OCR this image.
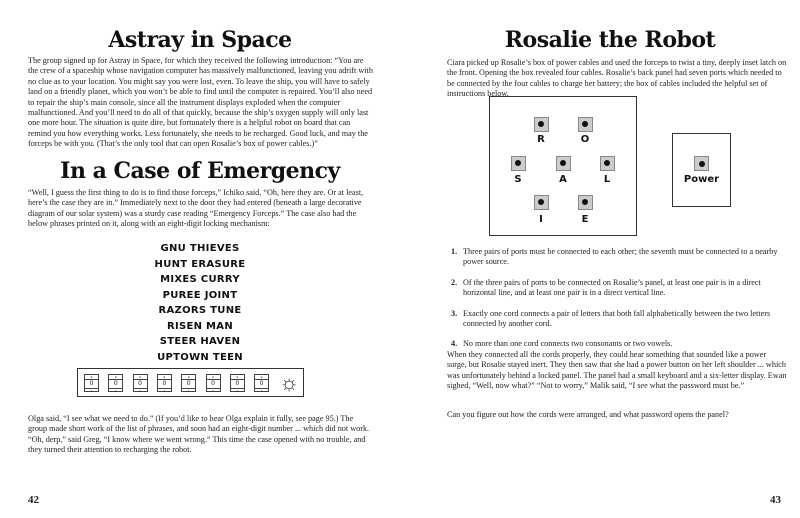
Astray in Space

The group signed up for Astray in Space, for which they received the following introduction: “You are the crew of a spaceship whose navigation computer has massively malfunctioned, leaving you adrift with no clue as to your location. You might say you were lost, even. To leave the ship, you will have to safely land on a friendly planet, which you won’t be able to find until the computer is repaired. You’ll also need to repair the ship’s main console, since all the instrument displays exploded when the computer malfunctioned. And you’ll need to do all of that quickly, because the ship’s oxygen supply will only last one more hour. The situation is quite dire, but fortunately there is a helpful robot on board that can remind you how everything works. Less fortunately, she needs to be recharged. Good luck, and may the forceps be with you. (That’s the only tool that can open Rosalie’s box of power cables.)”

In a Case of Emergency

“Well, I guess the first thing to do is to find those forceps,” Ichiko said, “Oh, here they are. Or at least, here’s the case they are in.” Immediately next to the door they had entered (beneath a large decorative diagram of our solar system) was a sturdy case reading “Emergency Forceps.” The case also had the below phrases printed on it, along with an eight-digit locking mechanism:

GNU THIEVES
HUNT ERASURE
MIXES CURRY
PUREE JOINT
RAZORS TUNE
RISEN MAN
STEER HAVEN
UPTOWN TEEN
9
0
1
9
0
1
9
0
1
9
0
1
9
0
1
9
0
1
9
0
1
9
0
1	☼

Olga said, “I see what we need to do.” (If you’d like to hear Olga explain it fully, see page 95.) The group made short work of the list of phrases, and soon had an eight-digit number ... which did not work. “Oh, derp,” said Greg, “I know where we went wrong.” This time the case opened with no trouble, and they turned their attention to recharging the robot.

42
Rosalie the Robot

Ciara picked up Rosalie’s box of power cables and used the forceps to twist a tiny, deeply inset latch on the front. Opening the box revealed four cables. Rosalie’s back panel had seven ports which needed to be connected by the four cables to charge her battery; the box of cables included the helpful set of instructions below.

R	O
S	A	L
I	E
Power
1. Three pairs of ports must be connected to each other; the seventh must be connected to a nearby power source.
2. Of the three pairs of ports to be connected on Rosalie’s panel, at least one pair is in a direct horizontal line, and at least one pair is in a direct vertical line.
3. Exactly one cord connects a pair of letters that both fall alphabetically between the two letters connected by another cord.
4. No more than one cord connects two consonants or two vowels.

When they connected all the cords properly, they could hear something that sounded like a power surge, but Rosalie stayed inert. They then saw that she had a power button on her left shoulder ... which was unfortunately behind a locked panel. The panel had a small keyboard and a six-letter display. Ewan sighed, “Well, now what?” “Not to worry,” Malik said, “I see what the password must be.”

Can you figure out how the cords were arranged, and what password opens the panel?

43
